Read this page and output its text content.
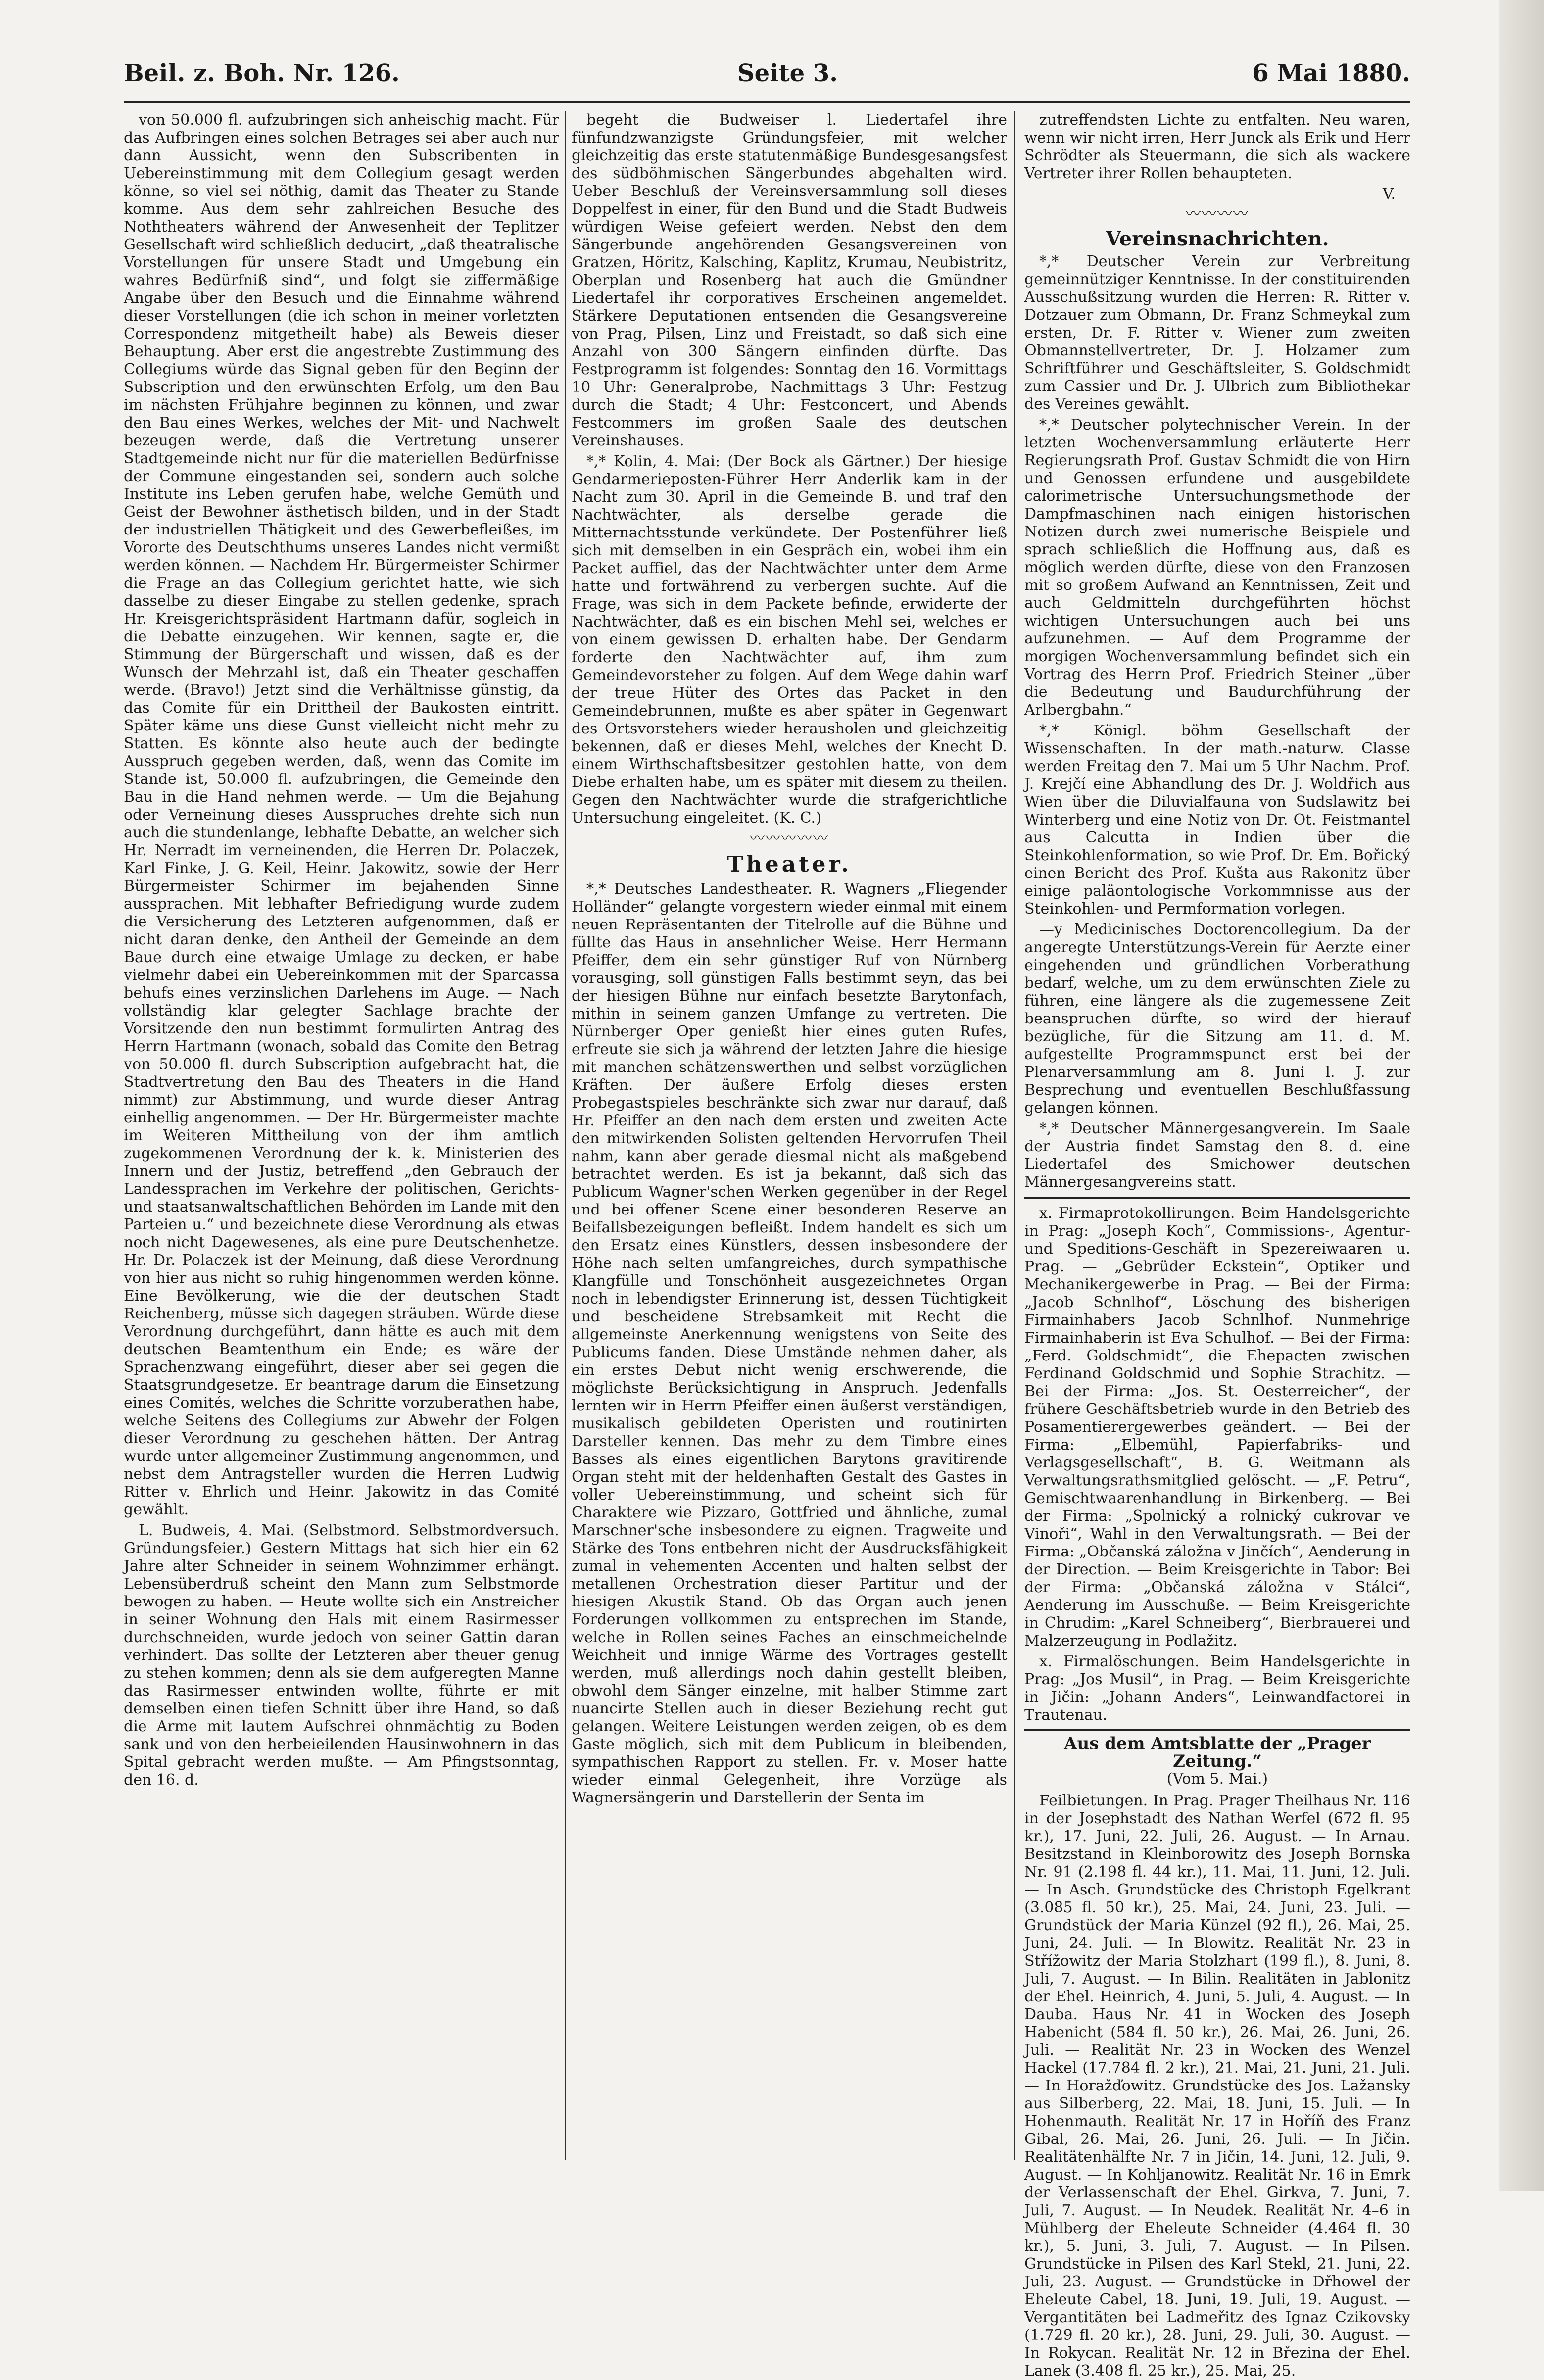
Beil. z. Boh. Nr. 126.	Seite 3.	6 Mai 1880.

von 50.000 fl. aufzubringen sich anheischig macht. Für das Aufbringen eines solchen Betrages sei aber auch nur dann Aussicht, wenn den Subscribenten in Uebereinstimmung mit dem Collegium gesagt werden könne, so viel sei nöthig, damit das Theater zu Stande komme. Aus dem sehr zahlreichen Besuche des Noththeaters während der Anwesenheit der Teplitzer Gesellschaft wird schließlich deducirt, „daß theatralische Vorstellungen für unsere Stadt und Umgebung ein wahres Bedürfniß sind“, und folgt sie ziffermäßige Angabe über den Besuch und die Einnahme während dieser Vorstellungen (die ich schon in meiner vorletzten Correspondenz mitgetheilt habe) als Beweis dieser Behauptung. Aber erst die angestrebte Zustimmung des Collegiums würde das Signal geben für den Beginn der Subscription und den erwünschten Erfolg, um den Bau im nächsten Frühjahre beginnen zu können, und zwar den Bau eines Werkes, welches der Mit- und Nachwelt bezeugen werde, daß die Vertretung unserer Stadtgemeinde nicht nur für die materiellen Bedürfnisse der Commune eingestanden sei, sondern auch solche Institute ins Leben gerufen habe, welche Gemüth und Geist der Bewohner ästhetisch bilden, und in der Stadt der industriellen Thätigkeit und des Gewerbefleißes, im Vororte des Deutschthums unseres Landes nicht vermißt werden können. — Nachdem Hr. Bürgermeister Schirmer die Frage an das Collegium gerichtet hatte, wie sich dasselbe zu dieser Eingabe zu stellen gedenke, sprach Hr. Kreisgerichtspräsident Hartmann dafür, sogleich in die Debatte einzugehen. Wir kennen, sagte er, die Stimmung der Bürgerschaft und wissen, daß es der Wunsch der Mehrzahl ist, daß ein Theater geschaffen werde. (Bravo!) Jetzt sind die Verhältnisse günstig, da das Comite für ein Drittheil der Baukosten eintritt. Später käme uns diese Gunst vielleicht nicht mehr zu Statten. Es könnte also heute auch der bedingte Ausspruch gegeben werden, daß, wenn das Comite im Stande ist, 50.000 fl. aufzubringen, die Gemeinde den Bau in die Hand nehmen werde. — Um die Bejahung oder Verneinung dieses Ausspruches drehte sich nun auch die stundenlange, lebhafte Debatte, an welcher sich Hr. Nerradt im verneinenden, die Herren Dr. Polaczek, Karl Finke, J. G. Keil, Heinr. Jakowitz, sowie der Herr Bürgermeister Schirmer im bejahenden Sinne aussprachen. Mit lebhafter Befriedigung wurde zudem die Versicherung des Letzteren aufgenommen, daß er nicht daran denke, den Antheil der Gemeinde an dem Baue durch eine etwaige Umlage zu decken, er habe vielmehr dabei ein Uebereinkommen mit der Sparcassa behufs eines verzinslichen Darlehens im Auge. — Nach vollständig klar gelegter Sachlage brachte der Vorsitzende den nun bestimmt formulirten Antrag des Herrn Hartmann (wonach, sobald das Comite den Betrag von 50.000 fl. durch Subscription aufgebracht hat, die Stadtvertretung den Bau des Theaters in die Hand nimmt) zur Abstimmung, und wurde dieser Antrag einhellig angenommen. — Der Hr. Bürgermeister machte im Weiteren Mittheilung von der ihm amtlich zugekommenen Verordnung der k. k. Ministerien des Innern und der Justiz, betreffend „den Gebrauch der Landessprachen im Verkehre der politischen, Gerichts- und staatsanwaltschaftlichen Behörden im Lande mit den Parteien u.“ und bezeichnete diese Verordnung als etwas noch nicht Dagewesenes, als eine pure Deutschenhetze. Hr. Dr. Polaczek ist der Meinung, daß diese Verordnung von hier aus nicht so ruhig hingenommen werden könne. Eine Bevölkerung, wie die der deutschen Stadt Reichenberg, müsse sich dagegen sträuben. Würde diese Verordnung durchgeführt, dann hätte es auch mit dem deutschen Beamtenthum ein Ende; es wäre der Sprachenzwang eingeführt, dieser aber sei gegen die Staatsgrundgesetze. Er beantrage darum die Einsetzung eines Comités, welches die Schritte vorzuberathen habe, welche Seitens des Collegiums zur Abwehr der Folgen dieser Verordnung zu geschehen hätten. Der Antrag wurde unter allgemeiner Zustimmung angenommen, und nebst dem Antragsteller wurden die Herren Ludwig Ritter v. Ehrlich und Heinr. Jakowitz in das Comité gewählt.

L. Budweis, 4. Mai. (Selbstmord. Selbstmordversuch. Gründungsfeier.) Gestern Mittags hat sich hier ein 62 Jahre alter Schneider in seinem Wohnzimmer erhängt. Lebensüberdruß scheint den Mann zum Selbstmorde bewogen zu haben. — Heute wollte sich ein Anstreicher in seiner Wohnung den Hals mit einem Rasirmesser durchschneiden, wurde jedoch von seiner Gattin daran verhindert. Das sollte der Letzteren aber theuer genug zu stehen kommen; denn als sie dem aufgeregten Manne das Rasirmesser entwinden wollte, führte er mit demselben einen tiefen Schnitt über ihre Hand, so daß die Arme mit lautem Aufschrei ohnmächtig zu Boden sank und von den herbeieilenden Hausinwohnern in das Spital gebracht werden mußte. — Am Pfingstsonntag, den 16. d.

begeht die Budweiser l. Liedertafel ihre fünfundzwanzigste Gründungsfeier, mit welcher gleichzeitig das erste statutenmäßige Bundesgesangsfest des südböhmischen Sängerbundes abgehalten wird. Ueber Beschluß der Vereinsversammlung soll dieses Doppelfest in einer, für den Bund und die Stadt Budweis würdigen Weise gefeiert werden. Nebst den dem Sängerbunde angehörenden Gesangsvereinen von Gratzen, Höritz, Kalsching, Kaplitz, Krumau, Neubistritz, Oberplan und Rosenberg hat auch die Gmündner Liedertafel ihr corporatives Erscheinen angemeldet. Stärkere Deputationen entsenden die Gesangsvereine von Prag, Pilsen, Linz und Freistadt, so daß sich eine Anzahl von 300 Sängern einfinden dürfte. Das Festprogramm ist folgendes: Sonntag den 16. Vormittags 10 Uhr: Generalprobe, Nachmittags 3 Uhr: Festzug durch die Stadt; 4 Uhr: Festconcert, und Abends Festcommers im großen Saale des deutschen Vereinshauses.

*,* Kolin, 4. Mai: (Der Bock als Gärtner.) Der hiesige Gendarmerieposten-Führer Herr Anderlik kam in der Nacht zum 30. April in die Gemeinde B. und traf den Nachtwächter, als derselbe gerade die Mitternachtsstunde verkündete. Der Postenführer ließ sich mit demselben in ein Gespräch ein, wobei ihm ein Packet auffiel, das der Nachtwächter unter dem Arme hatte und fortwährend zu verbergen suchte. Auf die Frage, was sich in dem Packete befinde, erwiderte der Nachtwächter, daß es ein bischen Mehl sei, welches er von einem gewissen D. erhalten habe. Der Gendarm forderte den Nachtwächter auf, ihm zum Gemeindevorsteher zu folgen. Auf dem Wege dahin warf der treue Hüter des Ortes das Packet in den Gemeindebrunnen, mußte es aber später in Gegenwart des Ortsvorstehers wieder herausholen und gleichzeitig bekennen, daß er dieses Mehl, welches der Knecht D. einem Wirthschaftsbesitzer gestohlen hatte, von dem Diebe erhalten habe, um es später mit diesem zu theilen. Gegen den Nachtwächter wurde die strafgerichtliche Untersuchung eingeleitet. (K. C.)

〰〰〰〰〰
Theater.

*,* Deutsches Landestheater. R. Wagners „Fliegender Holländer“ gelangte vorgestern wieder einmal mit einem neuen Repräsentanten der Titelrolle auf die Bühne und füllte das Haus in ansehnlicher Weise. Herr Hermann Pfeiffer, dem ein sehr günstiger Ruf von Nürnberg vorausging, soll günstigen Falls bestimmt seyn, das bei der hiesigen Bühne nur einfach besetzte Barytonfach, mithin in seinem ganzen Umfange zu vertreten. Die Nürnberger Oper genießt hier eines guten Rufes, erfreute sie sich ja während der letzten Jahre die hiesige mit manchen schätzenswerthen und selbst vorzüglichen Kräften. Der äußere Erfolg dieses ersten Probegastspieles beschränkte sich zwar nur darauf, daß Hr. Pfeiffer an den nach dem ersten und zweiten Acte den mitwirkenden Solisten geltenden Hervorrufen Theil nahm, kann aber gerade diesmal nicht als maßgebend betrachtet werden. Es ist ja bekannt, daß sich das Publicum Wagner'schen Werken gegenüber in der Regel und bei offener Scene einer besonderen Reserve an Beifallsbezeigungen befleißt. Indem handelt es sich um den Ersatz eines Künstlers, dessen insbesondere der Höhe nach selten umfangreiches, durch sympathische Klangfülle und Tonschönheit ausgezeichnetes Organ noch in lebendigster Erinnerung ist, dessen Tüchtigkeit und bescheidene Strebsamkeit mit Recht die allgemeinste Anerkennung wenigstens von Seite des Publicums fanden. Diese Umstände nehmen daher, als ein erstes Debut nicht wenig erschwerende, die möglichste Berücksichtigung in Anspruch. Jedenfalls lernten wir in Herrn Pfeiffer einen äußerst verständigen, musikalisch gebildeten Operisten und routinirten Darsteller kennen. Das mehr zu dem Timbre eines Basses als eines eigentlichen Barytons gravitirende Organ steht mit der heldenhaften Gestalt des Gastes in voller Uebereinstimmung, und scheint sich für Charaktere wie Pizzaro, Gottfried und ähnliche, zumal Marschner'sche insbesondere zu eignen. Tragweite und Stärke des Tons entbehren nicht der Ausdrucksfähigkeit zumal in vehementen Accenten und halten selbst der metallenen Orchestration dieser Partitur und der hiesigen Akustik Stand. Ob das Organ auch jenen Forderungen vollkommen zu entsprechen im Stande, welche in Rollen seines Faches an einschmeichelnde Weichheit und innige Wärme des Vortrages gestellt werden, muß allerdings noch dahin gestellt bleiben, obwohl dem Sänger einzelne, mit halber Stimme zart nuancirte Stellen auch in dieser Beziehung recht gut gelangen. Weitere Leistungen werden zeigen, ob es dem Gaste möglich, sich mit dem Publicum in bleibenden, sympathischen Rapport zu stellen. Fr. v. Moser hatte wieder einmal Gelegenheit, ihre Vorzüge als Wagnersängerin und Darstellerin der Senta im

zutreffendsten Lichte zu entfalten. Neu waren, wenn wir nicht irren, Herr Junck als Erik und Herr Schrödter als Steuermann, die sich als wackere Vertreter ihrer Rollen behaupteten.

V.
〰〰〰〰
Vereinsnachrichten.

*,* Deutscher Verein zur Verbreitung gemeinnütziger Kenntnisse. In der constituirenden Ausschußsitzung wurden die Herren: R. Ritter v. Dotzauer zum Obmann, Dr. Franz Schmeykal zum ersten, Dr. F. Ritter v. Wiener zum zweiten Obmannstellvertreter, Dr. J. Holzamer zum Schriftführer und Geschäftsleiter, S. Goldschmidt zum Cassier und Dr. J. Ulbrich zum Bibliothekar des Vereines gewählt.

*,* Deutscher polytechnischer Verein. In der letzten Wochenversammlung erläuterte Herr Regierungsrath Prof. Gustav Schmidt die von Hirn und Genossen erfundene und ausgebildete calorimetrische Untersuchungsmethode der Dampfmaschinen nach einigen historischen Notizen durch zwei numerische Beispiele und sprach schließlich die Hoffnung aus, daß es möglich werden dürfte, diese von den Franzosen mit so großem Aufwand an Kenntnissen, Zeit und auch Geldmitteln durchgeführten höchst wichtigen Untersuchungen auch bei uns aufzunehmen. — Auf dem Programme der morgigen Wochenversammlung befindet sich ein Vortrag des Herrn Prof. Friedrich Steiner „über die Bedeutung und Baudurchführung der Arlbergbahn.“

*,* Königl. böhm Gesellschaft der Wissenschaften. In der math.-naturw. Classe werden Freitag den 7. Mai um 5 Uhr Nachm. Prof. J. Krejčí eine Abhandlung des Dr. J. Woldřich aus Wien über die Diluvialfauna von Sudslawitz bei Winterberg und eine Notiz von Dr. Ot. Feistmantel aus Calcutta in Indien über die Steinkohlenformation, so wie Prof. Dr. Em. Bořický einen Bericht des Prof. Kušta aus Rakonitz über einige paläontologische Vorkommnisse aus der Steinkohlen- und Permformation vorlegen.

—y Medicinisches Doctorencollegium. Da der angeregte Unterstützungs-Verein für Aerzte einer eingehenden und gründlichen Vorberathung bedarf, welche, um zu dem erwünschten Ziele zu führen, eine längere als die zugemessene Zeit beanspruchen dürfte, so wird der hierauf bezügliche, für die Sitzung am 11. d. M. aufgestellte Programmspunct erst bei der Plenarversammlung am 8. Juni l. J. zur Besprechung und eventuellen Beschlußfassung gelangen können.

*,* Deutscher Männergesangverein. Im Saale der Austria findet Samstag den 8. d. eine Liedertafel des Smichower deutschen Männergesangvereins statt.

x. Firmaprotokollirungen. Beim Handelsgerichte in Prag: „Joseph Koch“, Commissions-, Agentur- und Speditions-Geschäft in Spezereiwaaren u. Prag. — „Gebrüder Eckstein“, Optiker und Mechanikergewerbe in Prag. — Bei der Firma: „Jacob Schnlhof“, Löschung des bisherigen Firmainhabers Jacob Schnlhof. Nunmehrige Firmainhaberin ist Eva Schulhof. — Bei der Firma: „Ferd. Goldschmidt“, die Ehepacten zwischen Ferdinand Goldschmid und Sophie Strachitz. — Bei der Firma: „Jos. St. Oesterreicher“, der frühere Geschäftsbetrieb wurde in den Betrieb des Posamentierergewerbes geändert. — Bei der Firma: „Elbemühl, Papierfabriks- und Verlagsgesellschaft“, B. G. Weitmann als Verwaltungsrathsmitglied gelöscht. — „F. Petru“, Gemischtwaarenhandlung in Birkenberg. — Bei der Firma: „Spolnický a rolnický cukrovar ve Vinoři“, Wahl in den Verwaltungsrath. — Bei der Firma: „Občanská záložna v Jinčích“, Aenderung in der Direction. — Beim Kreisgerichte in Tabor: Bei der Firma: „Občanská záložna v Stálci“, Aenderung im Ausschuße. — Beim Kreisgerichte in Chrudim: „Karel Schneiberg“, Bierbrauerei und Malzerzeugung in Podlažitz.

x. Firmalöschungen. Beim Handelsgerichte in Prag: „Jos Musil“, in Prag. — Beim Kreisgerichte in Jičin: „Johann Anders“, Leinwandfactorei in Trautenau.

Aus dem Amtsblatte der „Prager Zeitung.“
(Vom 5. Mai.)

Feilbietungen. In Prag. Prager Theilhaus Nr. 116 in der Josephstadt des Nathan Werfel (672 fl. 95 kr.), 17. Juni, 22. Juli, 26. August. — In Arnau. Besitzstand in Kleinborowitz des Joseph Bornska Nr. 91 (2.198 fl. 44 kr.), 11. Mai, 11. Juni, 12. Juli. — In Asch. Grundstücke des Christoph Egelkrant (3.085 fl. 50 kr.), 25. Mai, 24. Juni, 23. Juli. — Grundstück der Maria Künzel (92 fl.), 26. Mai, 25. Juni, 24. Juli. — In Blowitz. Realität Nr. 23 in Střížowitz der Maria Stolzhart (199 fl.), 8. Juni, 8. Juli, 7. August. — In Bilin. Realitäten in Jablonitz der Ehel. Heinrich, 4. Juni, 5. Juli, 4. August. — In Dauba. Haus Nr. 41 in Wocken des Joseph Habenicht (584 fl. 50 kr.), 26. Mai, 26. Juni, 26. Juli. — Realität Nr. 23 in Wocken des Wenzel Hackel (17.784 fl. 2 kr.), 21. Mai, 21. Juni, 21. Juli. — In Horažďowitz. Grundstücke des Jos. Lažansky aus Silberberg, 22. Mai, 18. Juni, 15. Juli. — In Hohenmauth. Realität Nr. 17 in Hoříň des Franz Gibal, 26. Mai, 26. Juni, 26. Juli. — In Jičin. Realitätenhälfte Nr. 7 in Jičin, 14. Juni, 12. Juli, 9. August. — In Kohljanowitz. Realität Nr. 16 in Emrk der Verlassenschaft der Ehel. Girkva, 7. Juni, 7. Juli, 7. August. — In Neudek. Realität Nr. 4–6 in Mühlberg der Eheleute Schneider (4.464 fl. 30 kr.), 5. Juni, 3. Juli, 7. August. — In Pilsen. Grundstücke in Pilsen des Karl Stekl, 21. Juni, 22. Juli, 23. August. — Grundstücke in Dřhowel der Eheleute Cabel, 18. Juni, 19. Juli, 19. August. — Vergantitäten bei Ladmeřitz des Ignaz Czikovsky (1.729 fl. 20 kr.), 28. Juni, 29. Juli, 30. August. — In Rokycan. Realität Nr. 12 in Březina der Ehel. Lanek (3.408 fl. 25 kr.), 25. Mai, 25.
